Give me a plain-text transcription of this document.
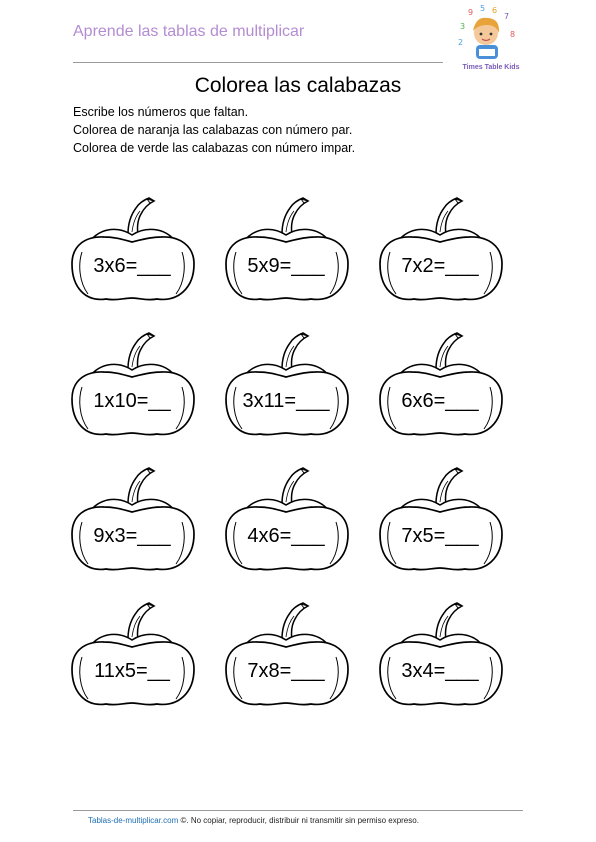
Aprende las tablas de multiplicar
9 5 6
7
3
8
2
Times Table Kids
Colorea las calabazas
Escribe los números que faltan.
Colorea de naranja las calabazas con número par.
Colorea de verde las calabazas con número impar.
3x6=___	5x9=___	7x2=___
1x10=__	3x11=___	6x6=___
9x3=___	4x6=___	7x5=___
11x5=__	7x8=___	3x4=___
Tablas-de-multiplicar.com ©. No copiar, reproducir, distribuir ni transmitir sin permiso expreso.
